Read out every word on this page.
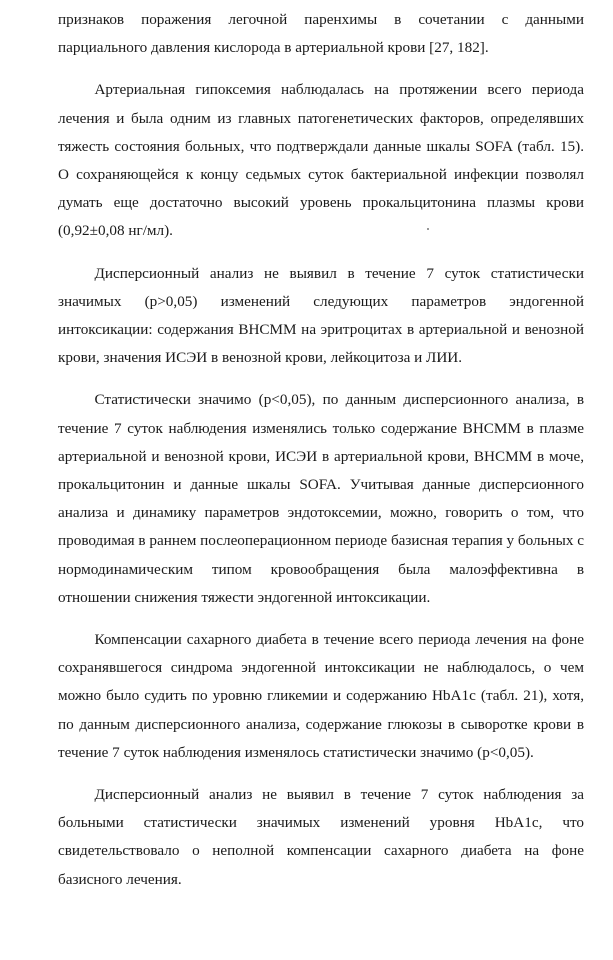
признаков поражения легочной паренхимы в сочетании с данными парциального давления кислорода в артериальной крови [27, 182].

Артериальная гипоксемия наблюдалась на протяжении всего периода лечения и была одним из главных патогенетических факторов, определявших тяжесть состояния больных, что подтверждали данные шкалы SOFA (табл. 15). О сохраняющейся к концу седьмых суток бактериальной инфекции позволял думать еще достаточно высокий уровень прокальцитонина плазмы крови (0,92±0,08 нг/мл).

Дисперсионный анализ не выявил в течение 7 суток статистически значимых (р>0,05) изменений следующих параметров эндогенной интоксикации: содержания ВНСММ на эритроцитах в артериальной и венозной крови, значения ИСЭИ в венозной крови, лейкоцитоза и ЛИИ.

Статистически значимо (р<0,05), по данным дисперсионного анализа, в течение 7 суток наблюдения изменялись только содержание ВНСММ в плазме артериальной и венозной крови, ИСЭИ в артериальной крови, ВНСММ в моче, прокальцитонин и данные шкалы SOFA. Учитывая данные дисперсионного анализа и динамику параметров эндотоксемии, можно, говорить о том, что проводимая в раннем послеоперационном периоде базисная терапия у больных с нормодинамическим типом кровообращения была малоэффективна в отношении снижения тяжести эндогенной интоксикации.

Компенсации сахарного диабета в течение всего периода лечения на фоне сохранявшегося синдрома эндогенной интоксикации не наблюдалось, о чем можно было судить по уровню гликемии и содержанию HbA1c (табл. 21), хотя, по данным дисперсионного анализа, содержание глюкозы в сыворотке крови в течение 7 суток наблюдения изменялось статистически значимо (р<0,05).

Дисперсионный анализ не выявил в течение 7 суток наблюдения за больными статистически значимых изменений уровня HbA1c, что свидетельствовало о неполной компенсации сахарного диабета на фоне базисного лечения.
